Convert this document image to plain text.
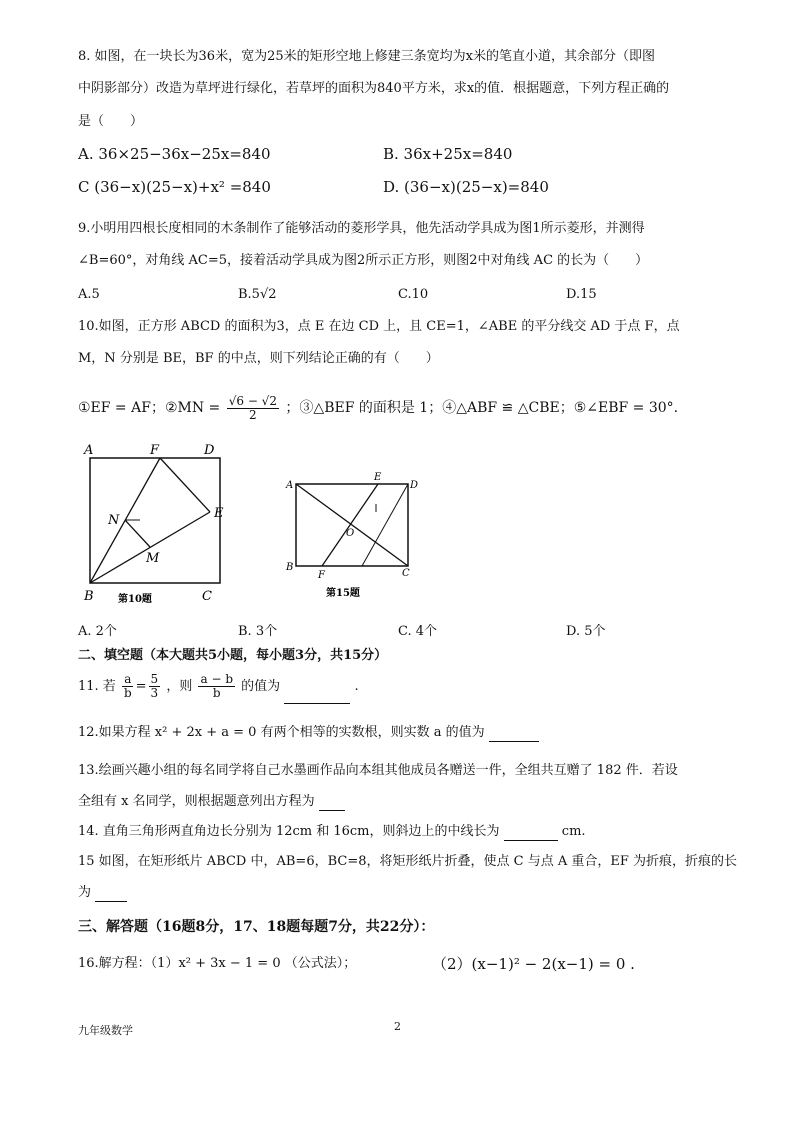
8. 如图，在一块长为36米，宽为25米的矩形空地上修建三条宽均为x米的笔直小道，其余部分（即图
中阴影部分）改造为草坪进行绿化，若草坪的面积为840平方米，求x的值．根据题意，下列方程正确的
是（　　）
A. 36×25−36x−25x=840	B. 36x+25x=840
C (36−x)(25−x)+x² =840	D. (36−x)(25−x)=840
9.小明用四根长度相同的木条制作了能够活动的菱形学具，他先活动学具成为图1所示菱形，并测得
∠B=60°，对角线 AC=5，接着活动学具成为图2所示正方形，则图2中对角线 AC 的长为（　　）
A.5	B.5√2	C.10	D.15
10.如图，正方形 ABCD 的面积为3，点 E 在边 CD 上，且 CE=1，∠ABE 的平分线交 AD 于点 F，点
M，N 分别是 BE，BF 的中点，则下列结论正确的有（　　）
①EF = AF；②MN = $\frac{√6 - √2}{2}$ ；③△BEF 的面积是 1；④△ABF ≌ △CBE；⑤∠EBF = 30°.
A	F	D
E
N
M
B	C
第10题
A
E
D
O
B
F	C
第15题
A. 2个	B. 3个	C. 4个	D. 5个
二、填空题（本大题共5小题，每小题3分，共15分）
11. 若 $\frac{a}{b} = \frac{5}{3}$ ，则 $\frac{a - b}{b}$ 的值为	.
12.如果方程 x² + 2x + a = 0 有两个相等的实数根，则实数 a 的值为
13.绘画兴趣小组的每名同学将自己水墨画作品向本组其他成员各赠送一件，全组共互赠了 182 件．若设
全组有 x 名同学，则根据题意列出方程为
14. 直角三角形两直角边长分别为 12cm 和 16cm，则斜边上的中线长为	cm.
15 如图，在矩形纸片 ABCD 中，AB=6，BC=8，将矩形纸片折叠，使点 C 与点 A 重合，EF 为折痕，折痕的长
为
三、解答题（16题8分，17、18题每题7分，共22分）：
16.解方程：（1）x² + 3x − 1 = 0 （公式法）；	（2）(x−1)² − 2(x−1) = 0 .
九年级数学	2
